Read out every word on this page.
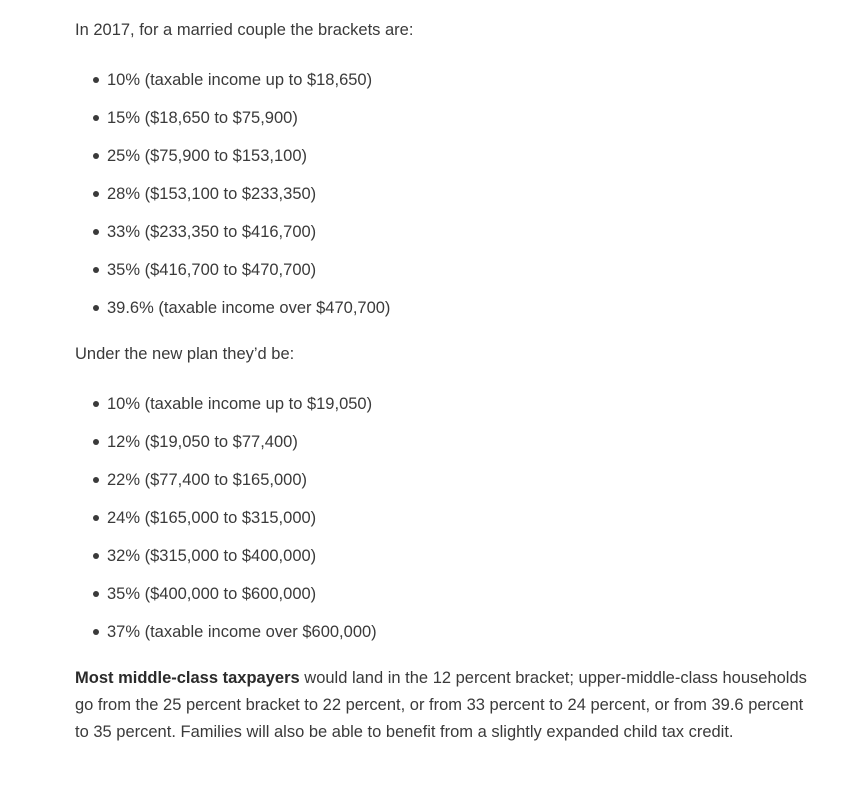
In 2017, for a married couple the brackets are:

10% (taxable income up to $18,650)
15% ($18,650 to $75,900)
25% ($75,900 to $153,100)
28% ($153,100 to $233,350)
33% ($233,350 to $416,700)
35% ($416,700 to $470,700)
39.6% (taxable income over $470,700)

Under the new plan they’d be:

10% (taxable income up to $19,050)
12% ($19,050 to $77,400)
22% ($77,400 to $165,000)
24% ($165,000 to $315,000)
32% ($315,000 to $400,000)
35% ($400,000 to $600,000)
37% (taxable income over $600,000)

Most middle-class taxpayers would land in the 12 percent bracket; upper-middle-class households go from the 25 percent bracket to 22 percent, or from 33 percent to 24 percent, or from 39.6 percent to 35 percent. Families will also be able to benefit from a slightly expanded child tax credit.
